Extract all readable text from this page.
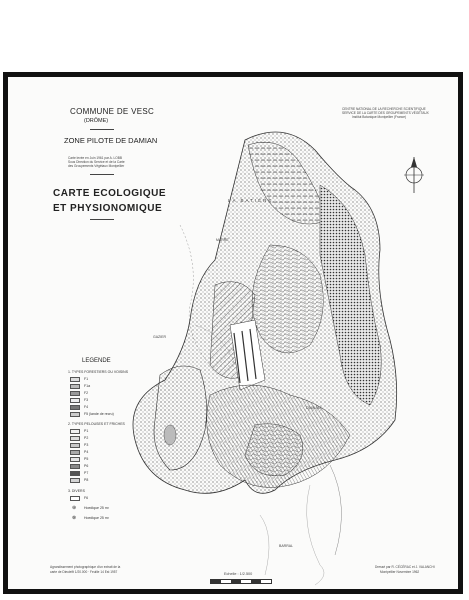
COMMUNE DE VESC
(DRÔME)
ZONE PILOTE DE DAMIAN
Carte levée en Juin 1961 par A. LOBB
Sous Direction du Service et de la Carte
des Groupements Végétaux Montpellier
CARTE ECOLOGIQUE
ET PHYSIONOMIQUE
CENTRE NATIONAL DE LA RECHERCHE SCIENTIFIQUE
SERVICE DE LA CARTE DES GROUPEMENTS VÉGÉTAUX
Institut Botanique Montpellier (France)
LA BATIÈRE
MARRE
GAZIER
DAMIAN
BARRAL
LEGENDE
1. TYPES FORESTIERS OU VOISINS
F1
F1a
F2
F3
F4
F5 (lande de recru)
2. TYPES PELOUSES ET FRICHES
P1
P2
P3
P4
P5
P6
P7
P8
3. DIVERS
F6
⊕ Hoedique 25 m²
⊗ Hoedique 25 m²
Agrandissement photographique d'un extrait de la
carte de Dieulefit 1/20.000 · Feuille 14 Est 1957	Echelle : 1/2.500
Dressé par R. CÉCÉRAC et J. VALANCHI
Montpellier Novembre 1962
